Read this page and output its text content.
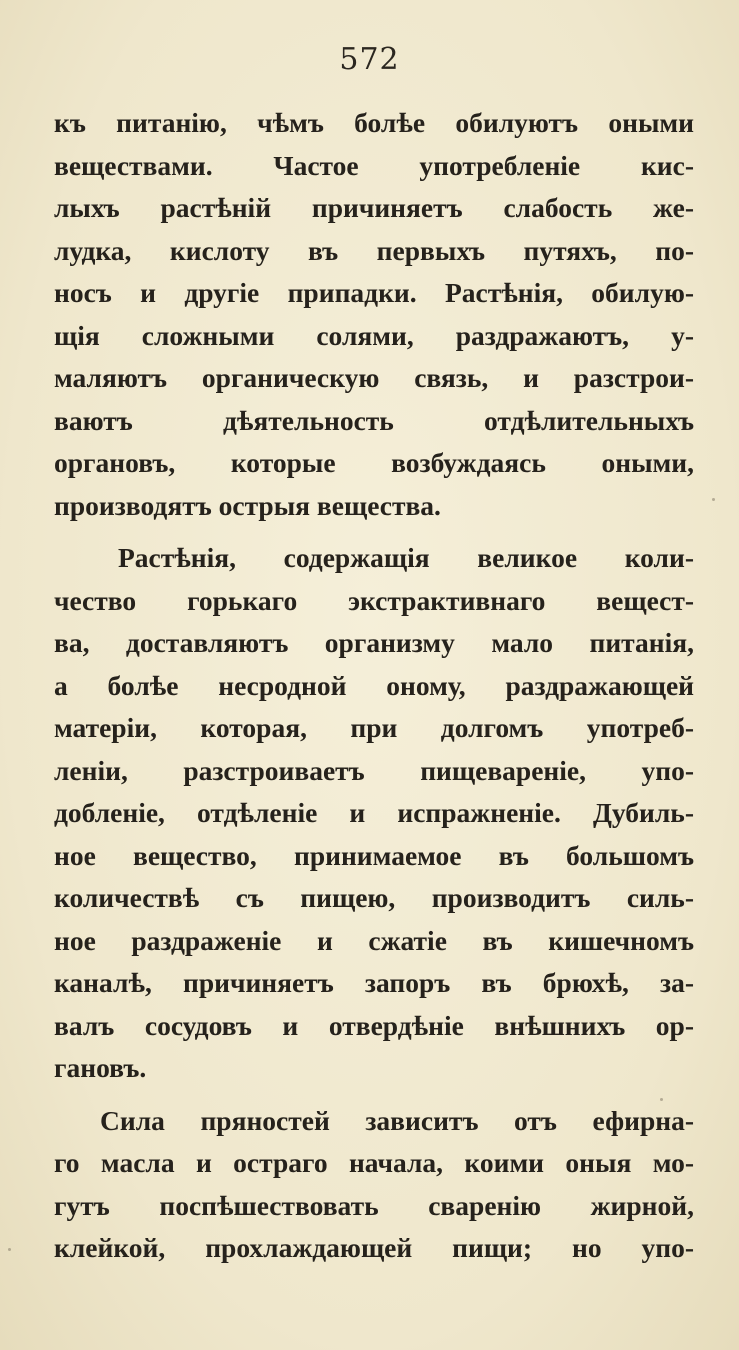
572

къ питанію, чѣмъ болѣе обилуютъ оными
веществами. Частое употребленіе кис-
лыхъ растѣній причиняетъ слабость же-
лудка, кислоту въ первыхъ путяхъ, по-
носъ и другіе припадки. Растѣнія, обилую-
щія сложными солями, раздражаютъ, у-
маляютъ органическую связь, и разстрои-
ваютъ дѣятельность отдѣлительныхъ
органовъ, которые возбуждаясь оными,
производятъ острыя вещества.

Растѣнія, содержащія великое коли-
чество горькаго экстрактивнаго вещест-
ва, доставляютъ организму мало питанія,
а болѣе несродной оному, раздражающей
матеріи, которая, при долгомъ употреб-
леніи, разстроиваетъ пищевареніе, упо-
добленіе, отдѣленіе и испражненіе. Дубиль-
ное вещество, принимаемое въ большомъ
количествѣ съ пищею, производитъ силь-
ное раздраженіе и сжатіе въ кишечномъ
каналѣ, причиняетъ запоръ въ брюхѣ, за-
валъ сосудовъ и отвердѣніе внѣшнихъ ор-
гановъ.

Сила пряностей зависитъ отъ ефирна-
го масла и остраго начала, коими оныя мо-
гутъ поспѣшествовать сваренію жирной,
клейкой, прохлаждающей пищи; но упо-
